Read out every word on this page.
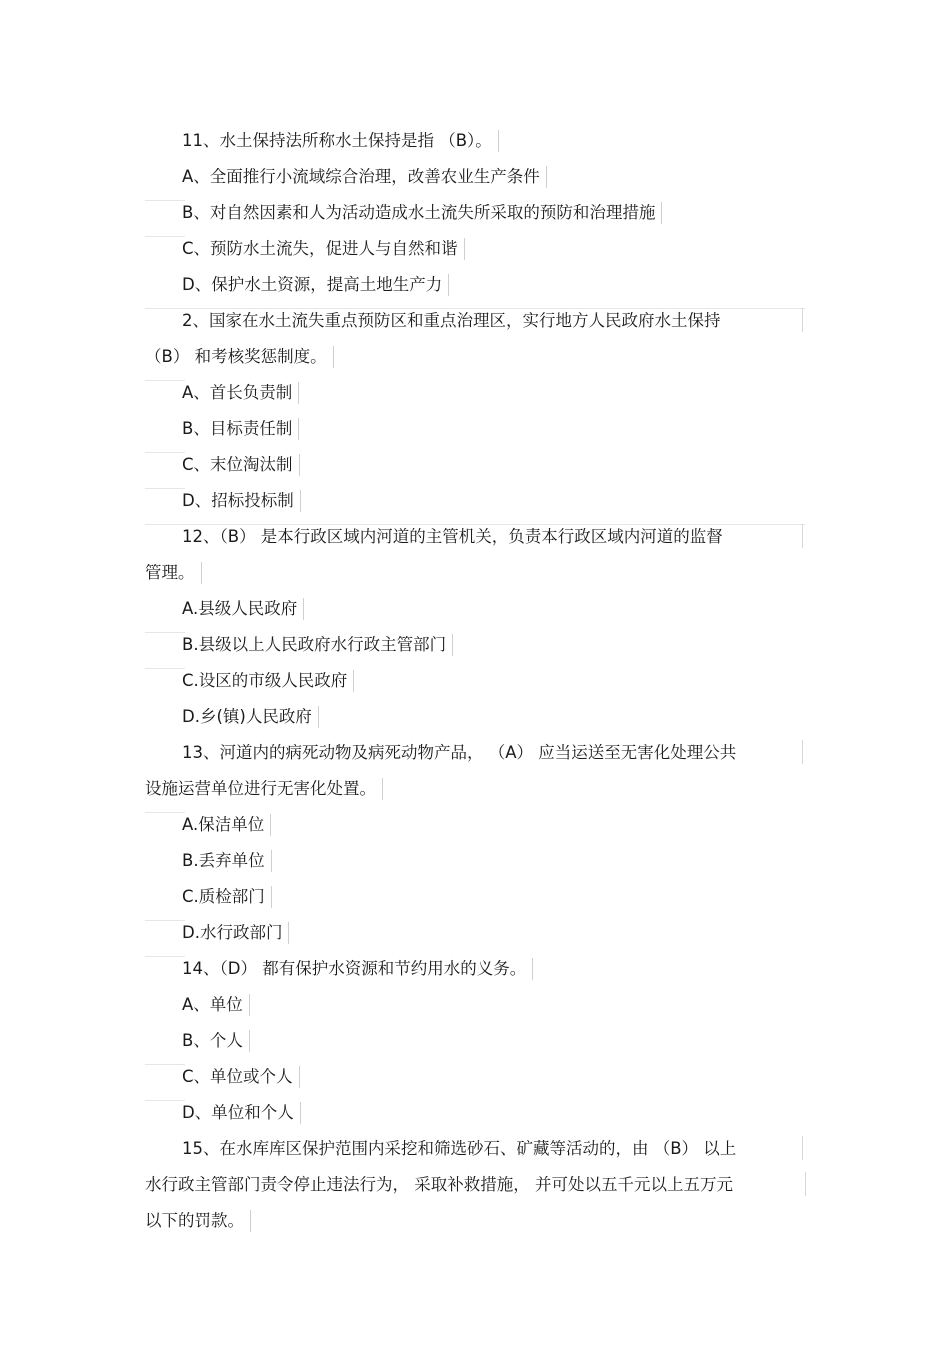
11、水土保持法所称水土保持是指 （B）。
A、全面推行小流域综合治理，改善农业生产条件
B、对自然因素和人为活动造成水土流失所采取的预防和治理措施
C、预防水土流失，促进人与自然和谐
D、保护水土资源，提高土地生产力
2、国家在水土流失重点预防区和重点治理区，实行地方人民政府水土保持
（B） 和考核奖惩制度。
A、首长负责制
B、目标责任制
C、末位淘汰制
D、招标投标制
12、（B） 是本行政区域内河道的主管机关，负责本行政区域内河道的监督
管理。
A.县级人民政府
B.县级以上人民政府水行政主管部门
C.设区的市级人民政府
D.乡(镇)人民政府
13、河道内的病死动物及病死动物产品， （A） 应当运送至无害化处理公共
设施运营单位进行无害化处置。
A.保洁单位
B.丢弃单位
C.质检部门
D.水行政部门
14、（D） 都有保护水资源和节约用水的义务。
A、单位
B、个人
C、单位或个人
D、单位和个人
15、在水库库区保护范围内采挖和筛选砂石、矿藏等活动的，由 （B） 以上
水行政主管部门责令停止违法行为， 采取补救措施， 并可处以五千元以上五万元
以下的罚款。
